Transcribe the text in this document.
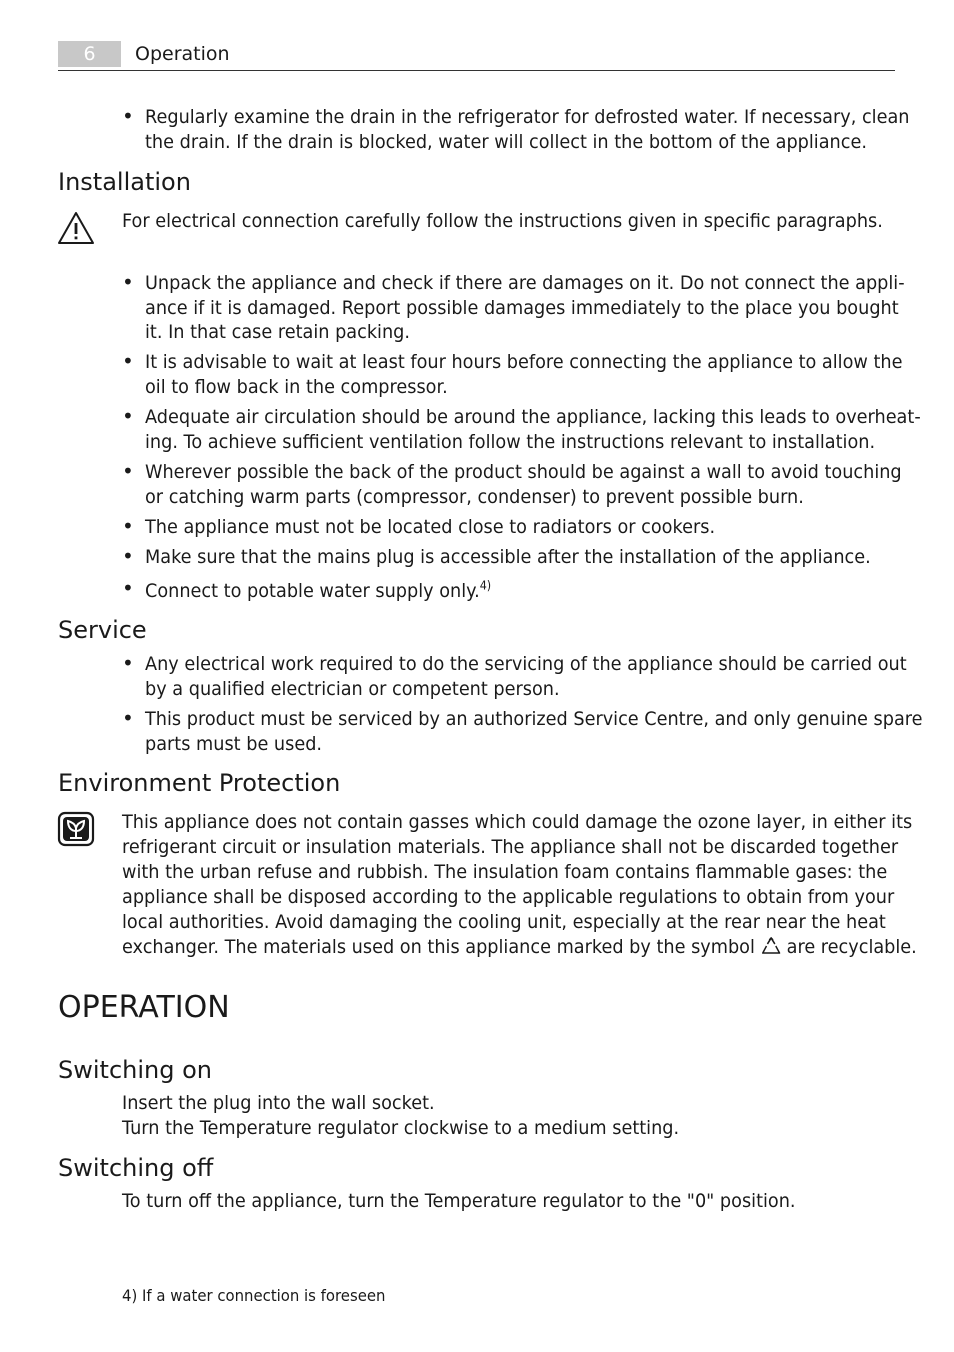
6	Operation
• Regularly examine the drain in the refrigerator for defrosted water. If necessary, clean
the drain. If the drain is blocked, water will collect in the bottom of the appliance.
Installation
For electrical connection carefully follow the instructions given in specific paragraphs.
• Unpack the appliance and check if there are damages on it. Do not connect the appli-
ance if it is damaged. Report possible damages immediately to the place you bought
it. In that case retain packing.
• It is advisable to wait at least four hours before connecting the appliance to allow the
oil to flow back in the compressor.
• Adequate air circulation should be around the appliance, lacking this leads to overheat-
ing. To achieve sufficient ventilation follow the instructions relevant to installation.
• Wherever possible the back of the product should be against a wall to avoid touching
or catching warm parts (compressor, condenser) to prevent possible burn.
• The appliance must not be located close to radiators or cookers.
• Make sure that the mains plug is accessible after the installation of the appliance.
• Connect to potable water supply only.$^{4)}$
Service
• Any electrical work required to do the servicing of the appliance should be carried out
by a qualified electrician or competent person.
• This product must be serviced by an authorized Service Centre, and only genuine spare
parts must be used.
Environment Protection
This appliance does not contain gasses which could damage the ozone layer, in either its
refrigerant circuit or insulation materials. The appliance shall not be discarded together
with the urban refuse and rubbish. The insulation foam contains flammable gases: the
appliance shall be disposed according to the applicable regulations to obtain from your
local authorities. Avoid damaging the cooling unit, especially at the rear near the heat
exchanger. The materials used on this appliance marked by the symbol are recyclable.
OPERATION
Switching on
Insert the plug into the wall socket.
Turn the Temperature regulator clockwise to a medium setting.
Switching off
To turn off the appliance, turn the Temperature regulator to the "0" position.
4) If a water connection is foreseen
